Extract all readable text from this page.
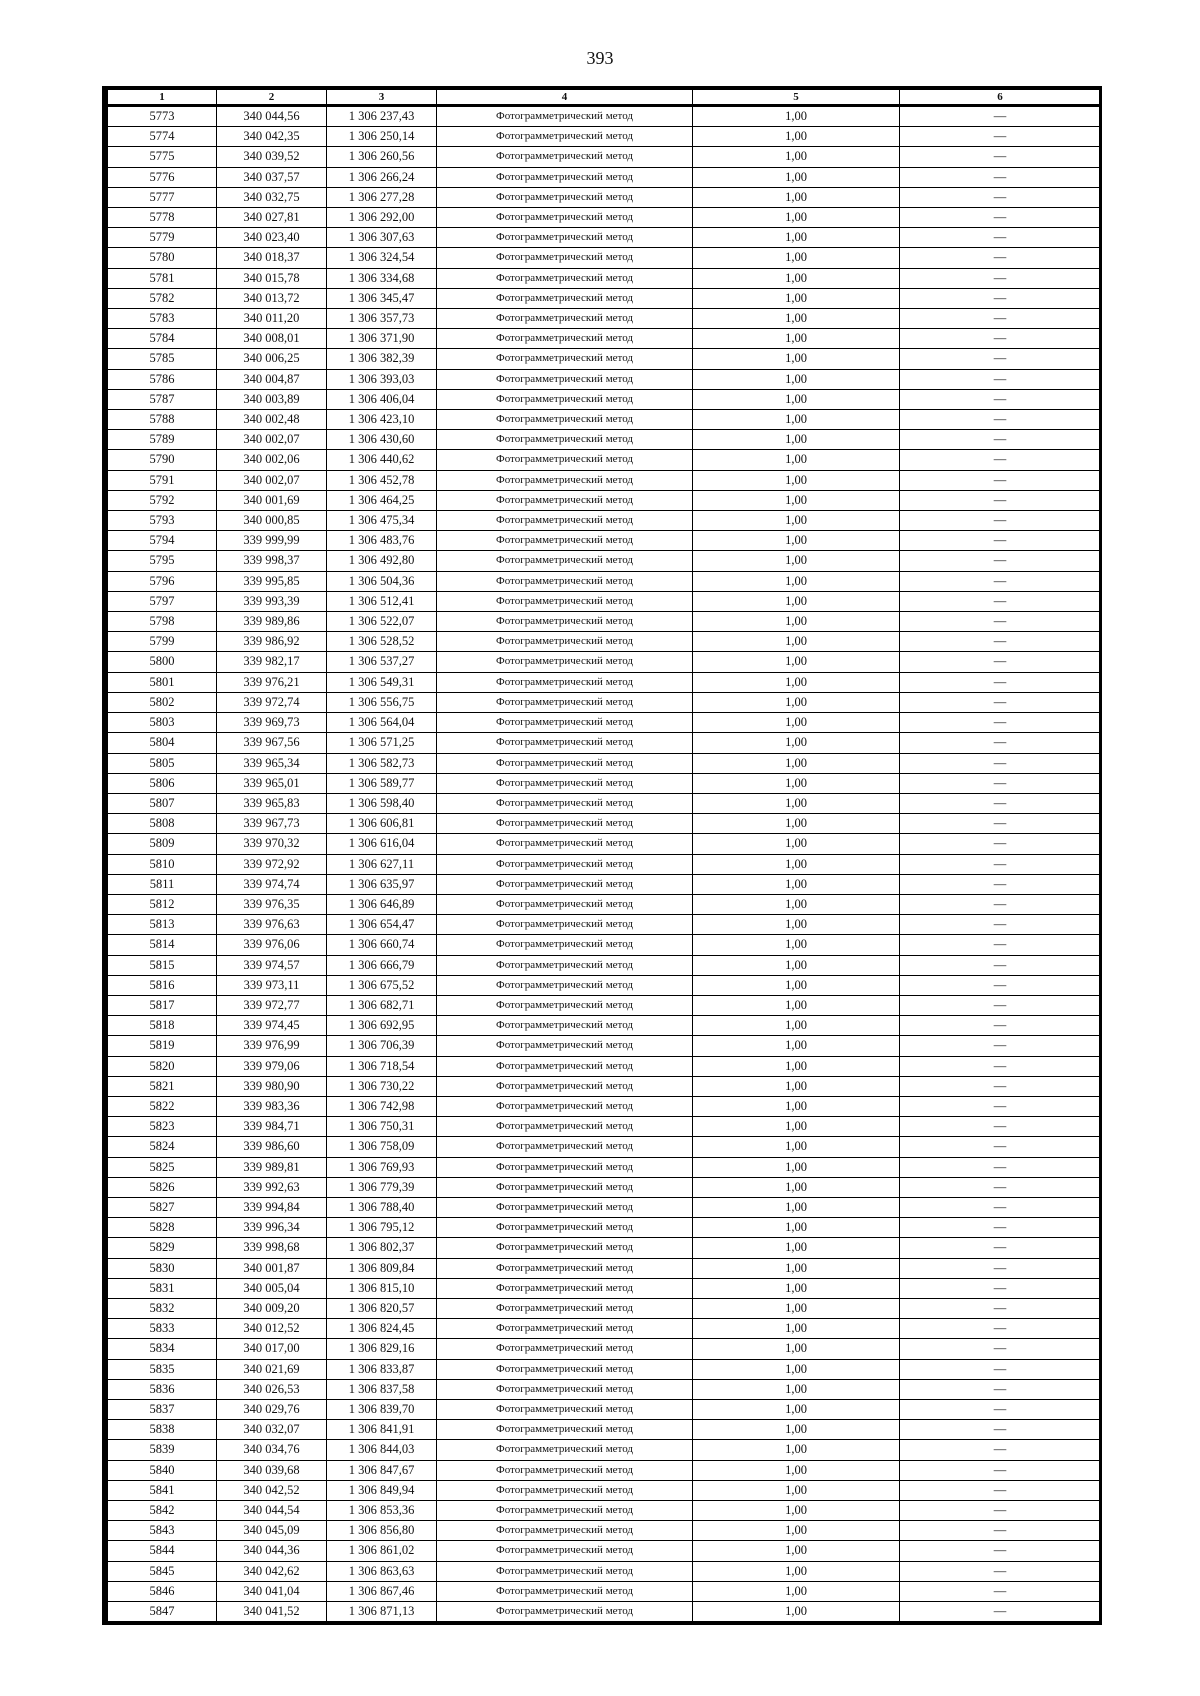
393
1	2	3	4	5	6
5773	340 044,56	1 306 237,43	Фотограмметрический метод	1,00	—
5774	340 042,35	1 306 250,14	Фотограмметрический метод	1,00	—
5775	340 039,52	1 306 260,56	Фотограмметрический метод	1,00	—
5776	340 037,57	1 306 266,24	Фотограмметрический метод	1,00	—
5777	340 032,75	1 306 277,28	Фотограмметрический метод	1,00	—
5778	340 027,81	1 306 292,00	Фотограмметрический метод	1,00	—
5779	340 023,40	1 306 307,63	Фотограмметрический метод	1,00	—
5780	340 018,37	1 306 324,54	Фотограмметрический метод	1,00	—
5781	340 015,78	1 306 334,68	Фотограмметрический метод	1,00	—
5782	340 013,72	1 306 345,47	Фотограмметрический метод	1,00	—
5783	340 011,20	1 306 357,73	Фотограмметрический метод	1,00	—
5784	340 008,01	1 306 371,90	Фотограмметрический метод	1,00	—
5785	340 006,25	1 306 382,39	Фотограмметрический метод	1,00	—
5786	340 004,87	1 306 393,03	Фотограмметрический метод	1,00	—
5787	340 003,89	1 306 406,04	Фотограмметрический метод	1,00	—
5788	340 002,48	1 306 423,10	Фотограмметрический метод	1,00	—
5789	340 002,07	1 306 430,60	Фотограмметрический метод	1,00	—
5790	340 002,06	1 306 440,62	Фотограмметрический метод	1,00	—
5791	340 002,07	1 306 452,78	Фотограмметрический метод	1,00	—
5792	340 001,69	1 306 464,25	Фотограмметрический метод	1,00	—
5793	340 000,85	1 306 475,34	Фотограмметрический метод	1,00	—
5794	339 999,99	1 306 483,76	Фотограмметрический метод	1,00	—
5795	339 998,37	1 306 492,80	Фотограмметрический метод	1,00	—
5796	339 995,85	1 306 504,36	Фотограмметрический метод	1,00	—
5797	339 993,39	1 306 512,41	Фотограмметрический метод	1,00	—
5798	339 989,86	1 306 522,07	Фотограмметрический метод	1,00	—
5799	339 986,92	1 306 528,52	Фотограмметрический метод	1,00	—
5800	339 982,17	1 306 537,27	Фотограмметрический метод	1,00	—
5801	339 976,21	1 306 549,31	Фотограмметрический метод	1,00	—
5802	339 972,74	1 306 556,75	Фотограмметрический метод	1,00	—
5803	339 969,73	1 306 564,04	Фотограмметрический метод	1,00	—
5804	339 967,56	1 306 571,25	Фотограмметрический метод	1,00	—
5805	339 965,34	1 306 582,73	Фотограмметрический метод	1,00	—
5806	339 965,01	1 306 589,77	Фотограмметрический метод	1,00	—
5807	339 965,83	1 306 598,40	Фотограмметрический метод	1,00	—
5808	339 967,73	1 306 606,81	Фотограмметрический метод	1,00	—
5809	339 970,32	1 306 616,04	Фотограмметрический метод	1,00	—
5810	339 972,92	1 306 627,11	Фотограмметрический метод	1,00	—
5811	339 974,74	1 306 635,97	Фотограмметрический метод	1,00	—
5812	339 976,35	1 306 646,89	Фотограмметрический метод	1,00	—
5813	339 976,63	1 306 654,47	Фотограмметрический метод	1,00	—
5814	339 976,06	1 306 660,74	Фотограмметрический метод	1,00	—
5815	339 974,57	1 306 666,79	Фотограмметрический метод	1,00	—
5816	339 973,11	1 306 675,52	Фотограмметрический метод	1,00	—
5817	339 972,77	1 306 682,71	Фотограмметрический метод	1,00	—
5818	339 974,45	1 306 692,95	Фотограмметрический метод	1,00	—
5819	339 976,99	1 306 706,39	Фотограмметрический метод	1,00	—
5820	339 979,06	1 306 718,54	Фотограмметрический метод	1,00	—
5821	339 980,90	1 306 730,22	Фотограмметрический метод	1,00	—
5822	339 983,36	1 306 742,98	Фотограмметрический метод	1,00	—
5823	339 984,71	1 306 750,31	Фотограмметрический метод	1,00	—
5824	339 986,60	1 306 758,09	Фотограмметрический метод	1,00	—
5825	339 989,81	1 306 769,93	Фотограмметрический метод	1,00	—
5826	339 992,63	1 306 779,39	Фотограмметрический метод	1,00	—
5827	339 994,84	1 306 788,40	Фотограмметрический метод	1,00	—
5828	339 996,34	1 306 795,12	Фотограмметрический метод	1,00	—
5829	339 998,68	1 306 802,37	Фотограмметрический метод	1,00	—
5830	340 001,87	1 306 809,84	Фотограмметрический метод	1,00	—
5831	340 005,04	1 306 815,10	Фотограмметрический метод	1,00	—
5832	340 009,20	1 306 820,57	Фотограмметрический метод	1,00	—
5833	340 012,52	1 306 824,45	Фотограмметрический метод	1,00	—
5834	340 017,00	1 306 829,16	Фотограмметрический метод	1,00	—
5835	340 021,69	1 306 833,87	Фотограмметрический метод	1,00	—
5836	340 026,53	1 306 837,58	Фотограмметрический метод	1,00	—
5837	340 029,76	1 306 839,70	Фотограмметрический метод	1,00	—
5838	340 032,07	1 306 841,91	Фотограмметрический метод	1,00	—
5839	340 034,76	1 306 844,03	Фотограмметрический метод	1,00	—
5840	340 039,68	1 306 847,67	Фотограмметрический метод	1,00	—
5841	340 042,52	1 306 849,94	Фотограмметрический метод	1,00	—
5842	340 044,54	1 306 853,36	Фотограмметрический метод	1,00	—
5843	340 045,09	1 306 856,80	Фотограмметрический метод	1,00	—
5844	340 044,36	1 306 861,02	Фотограмметрический метод	1,00	—
5845	340 042,62	1 306 863,63	Фотограмметрический метод	1,00	—
5846	340 041,04	1 306 867,46	Фотограмметрический метод	1,00	—
5847	340 041,52	1 306 871,13	Фотограмметрический метод	1,00	—
